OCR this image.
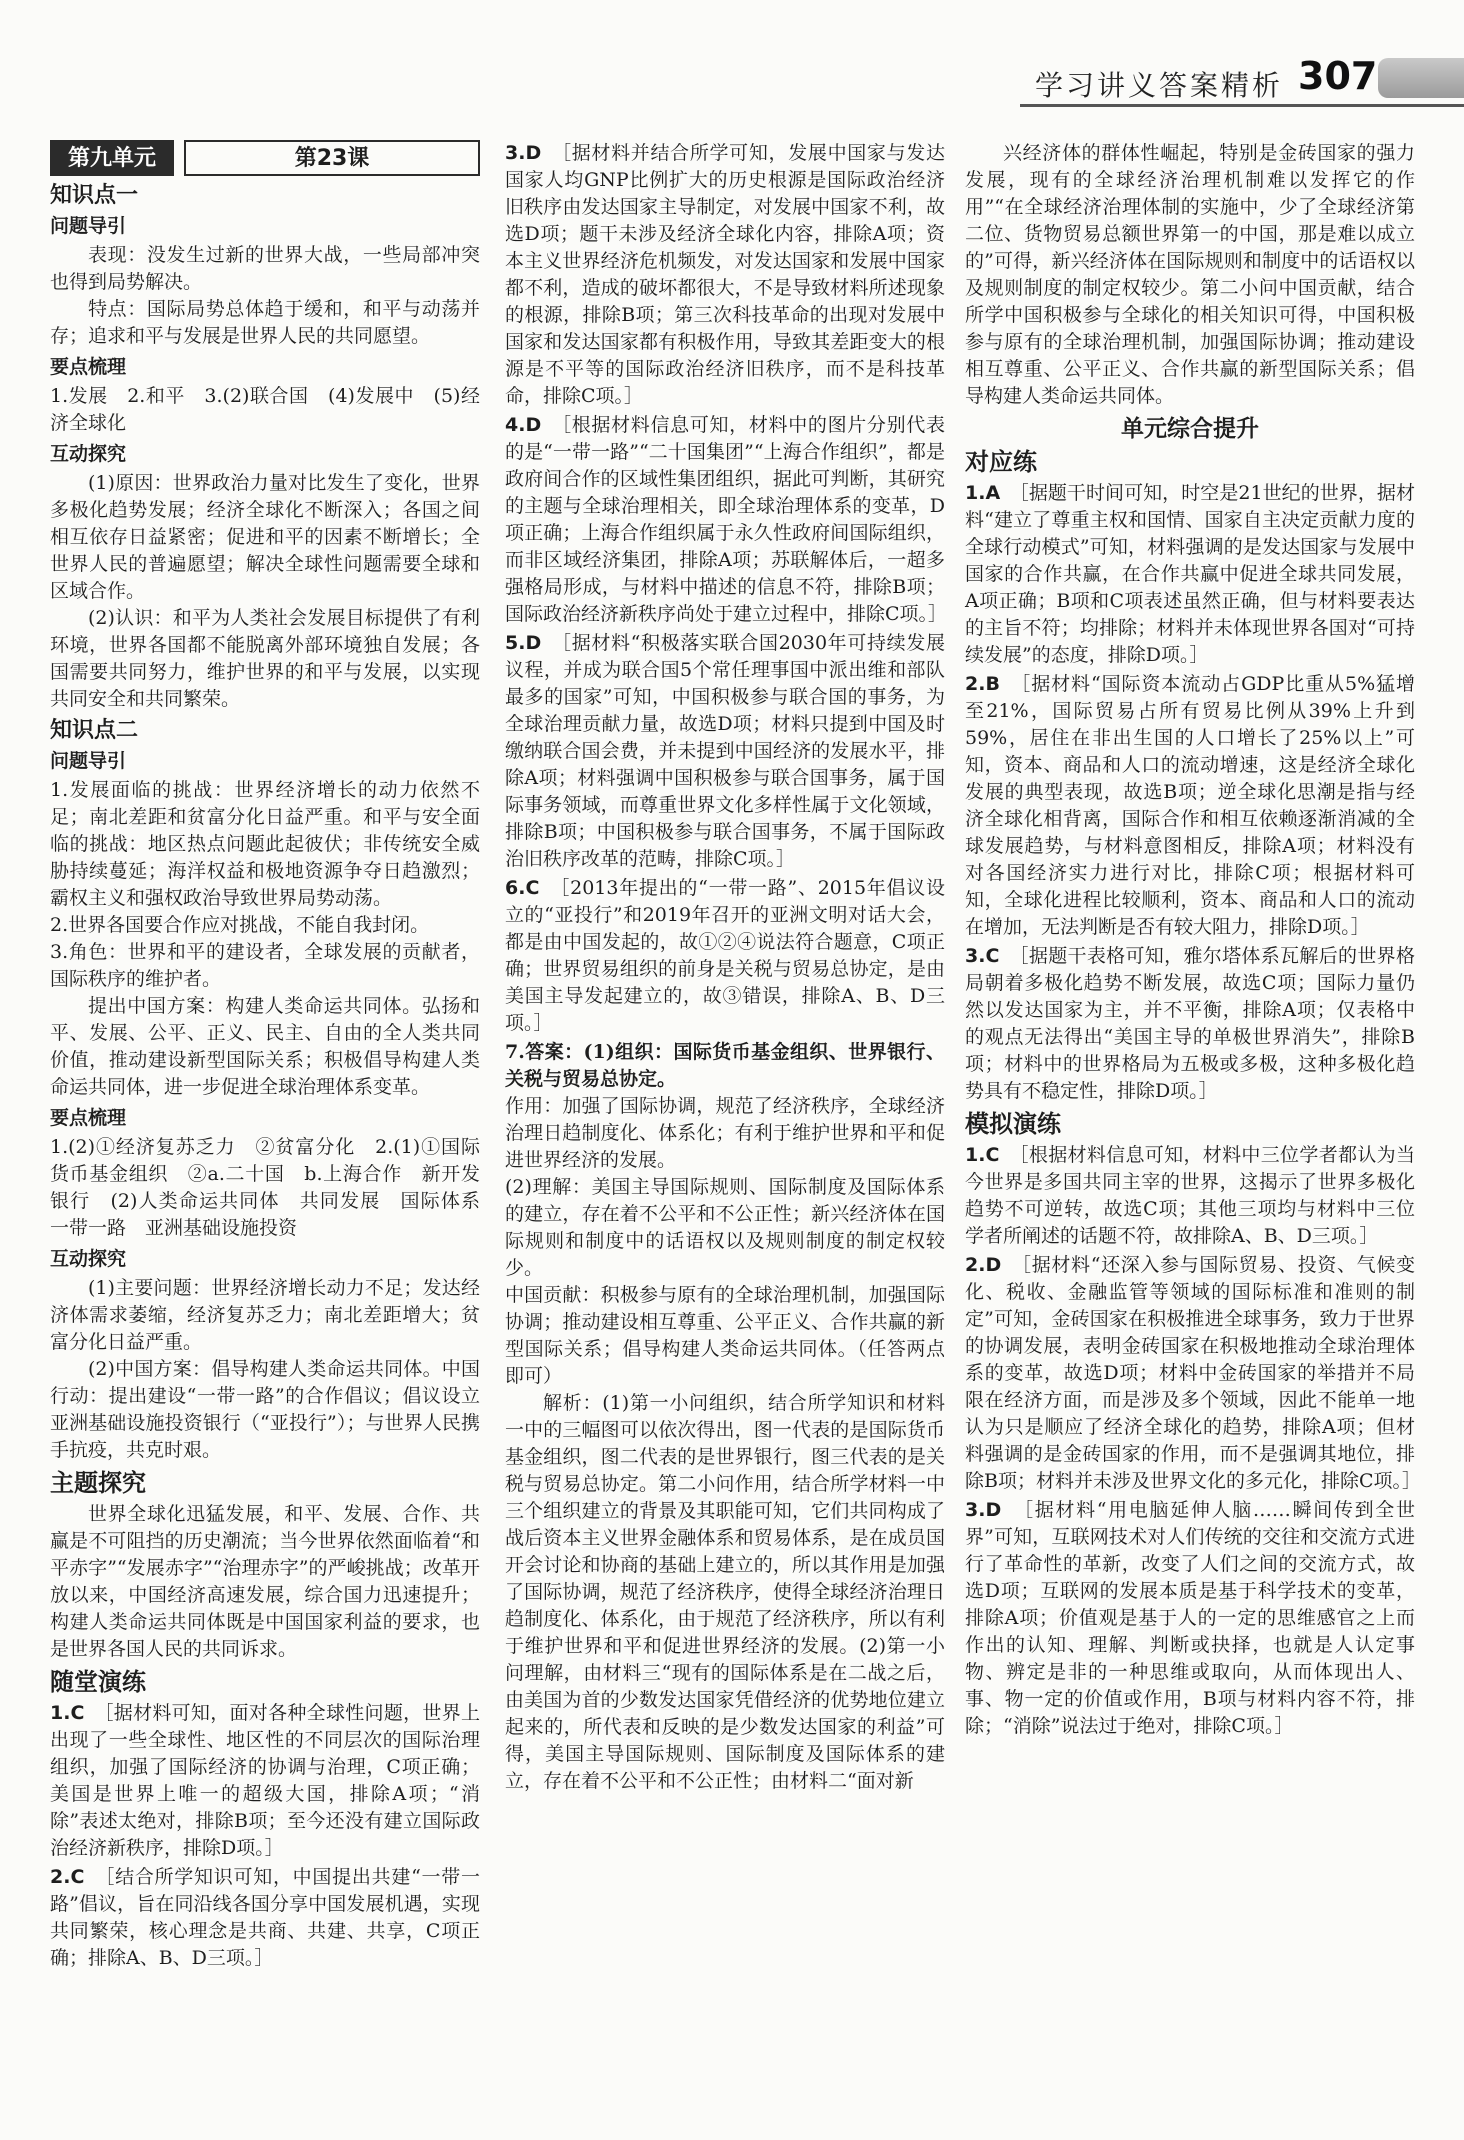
学习讲义答案精析 307
第九单元	第23课
知识点一
问题导引

表现：没发生过新的世界大战，一些局部冲突也得到局势解决。

特点：国际局势总体趋于缓和，和平与动荡并存；追求和平与发展是世界人民的共同愿望。

要点梳理

1.发展　2.和平　3.(2)联合国　(4)发展中　(5)经济全球化

互动探究

(1)原因：世界政治力量对比发生了变化，世界多极化趋势发展；经济全球化不断深入；各国之间相互依存日益紧密；促进和平的因素不断增长；全世界人民的普遍愿望；解决全球性问题需要全球和区域合作。

(2)认识：和平为人类社会发展目标提供了有利环境，世界各国都不能脱离外部环境独自发展；各国需要共同努力，维护世界的和平与发展，以实现共同安全和共同繁荣。

知识点二
问题导引

1.发展面临的挑战：世界经济增长的动力依然不足；南北差距和贫富分化日益严重。和平与安全面临的挑战：地区热点问题此起彼伏；非传统安全威胁持续蔓延；海洋权益和极地资源争夺日趋激烈；霸权主义和强权政治导致世界局势动荡。

2.世界各国要合作应对挑战，不能自我封闭。

3.角色：世界和平的建设者，全球发展的贡献者，国际秩序的维护者。

提出中国方案：构建人类命运共同体。弘扬和平、发展、公平、正义、民主、自由的全人类共同价值，推动建设新型国际关系；积极倡导构建人类命运共同体，进一步促进全球治理体系变革。

要点梳理

1.(2)①经济复苏乏力　②贫富分化　2.(1)①国际货币基金组织　②a.二十国　b.上海合作　新开发银行　(2)人类命运共同体　共同发展　国际体系　一带一路　亚洲基础设施投资

互动探究

(1)主要问题：世界经济增长动力不足；发达经济体需求萎缩，经济复苏乏力；南北差距增大；贫富分化日益严重。

(2)中国方案：倡导构建人类命运共同体。中国行动：提出建设“一带一路”的合作倡议；倡议设立亚洲基础设施投资银行（“亚投行”）；与世界人民携手抗疫，共克时艰。

主题探究

世界全球化迅猛发展，和平、发展、合作、共赢是不可阻挡的历史潮流；当今世界依然面临着“和平赤字”“发展赤字”“治理赤字”的严峻挑战；改革开放以来，中国经济高速发展，综合国力迅速提升；构建人类命运共同体既是中国国家利益的要求，也是世界各国人民的共同诉求。

随堂演练

1.C　 ［据材料可知，面对各种全球性问题，世界上出现了一些全球性、地区性的不同层次的国际治理组织，加强了国际经济的协调与治理，C项正确；美国是世界上唯一的超级大国，排除A项；“消除”表述太绝对，排除B项；至今还没有建立国际政治经济新秩序，排除D项。］

2.C　 ［结合所学知识可知，中国提出共建“一带一路”倡议，旨在同沿线各国分享中国发展机遇，实现共同繁荣，核心理念是共商、共建、共享，C项正确；排除A、B、D三项。］

3.D　 ［据材料并结合所学可知，发展中国家与发达国家人均GNP比例扩大的历史根源是国际政治经济旧秩序由发达国家主导制定，对发展中国家不利，故选D项；题干未涉及经济全球化内容，排除A项；资本主义世界经济危机频发，对发达国家和发展中国家都不利，造成的破坏都很大，不是导致材料所述现象的根源，排除B项；第三次科技革命的出现对发展中国家和发达国家都有积极作用，导致其差距变大的根源是不平等的国际政治经济旧秩序，而不是科技革命，排除C项。］

4.D　 ［根据材料信息可知，材料中的图片分别代表的是“一带一路”“二十国集团”“上海合作组织”，都是政府间合作的区域性集团组织，据此可判断，其研究的主题与全球治理相关，即全球治理体系的变革，D项正确；上海合作组织属于永久性政府间国际组织，而非区域经济集团，排除A项；苏联解体后，一超多强格局形成，与材料中描述的信息不符，排除B项；国际政治经济新秩序尚处于建立过程中，排除C项。］

5.D　 ［据材料“积极落实联合国2030年可持续发展议程，并成为联合国5个常任理事国中派出维和部队最多的国家”可知，中国积极参与联合国的事务，为全球治理贡献力量，故选D项；材料只提到中国及时缴纳联合国会费，并未提到中国经济的发展水平，排除A项；材料强调中国积极参与联合国事务，属于国际事务领域，而尊重世界文化多样性属于文化领域，排除B项；中国积极参与联合国事务，不属于国际政治旧秩序改革的范畴，排除C项。］

6.C　 ［2013年提出的“一带一路”、2015年倡议设立的“亚投行”和2019年召开的亚洲文明对话大会，都是由中国发起的，故①②④说法符合题意，C项正确；世界贸易组织的前身是关税与贸易总协定，是由美国主导发起建立的，故③错误，排除A、B、D三项。］

7.答案：(1)组织：国际货币基金组织、世界银行、关税与贸易总协定。

作用：加强了国际协调，规范了经济秩序，全球经济治理日趋制度化、体系化；有利于维护世界和平和促进世界经济的发展。

(2)理解：美国主导国际规则、国际制度及国际体系的建立，存在着不公平和不公正性；新兴经济体在国际规则和制度中的话语权以及规则制度的制定权较少。

中国贡献：积极参与原有的全球治理机制，加强国际协调；推动建设相互尊重、公平正义、合作共赢的新型国际关系；倡导构建人类命运共同体。（任答两点即可）

解析：(1)第一小问组织，结合所学知识和材料一中的三幅图可以依次得出，图一代表的是国际货币基金组织，图二代表的是世界银行，图三代表的是关税与贸易总协定。第二小问作用，结合所学材料一中三个组织建立的背景及其职能可知，它们共同构成了战后资本主义世界金融体系和贸易体系，是在成员国开会讨论和协商的基础上建立的，所以其作用是加强了国际协调，规范了经济秩序，使得全球经济治理日趋制度化、体系化，由于规范了经济秩序，所以有利于维护世界和平和促进世界经济的发展。(2)第一小问理解，由材料三“现有的国际体系是在二战之后，由美国为首的少数发达国家凭借经济的优势地位建立起来的，所代表和反映的是少数发达国家的利益”可得，美国主导国际规则、国际制度及国际体系的建立，存在着不公平和不公正性；由材料二“面对新

兴经济体的群体性崛起，特别是金砖国家的强力发展，现有的全球经济治理机制难以发挥它的作用”“在全球经济治理体制的实施中，少了全球经济第二位、货物贸易总额世界第一的中国，那是难以成立的”可得，新兴经济体在国际规则和制度中的话语权以及规则制度的制定权较少。第二小问中国贡献，结合所学中国积极参与全球化的相关知识可得，中国积极参与原有的全球治理机制，加强国际协调；推动建设相互尊重、公平正义、合作共赢的新型国际关系；倡导构建人类命运共同体。

单元综合提升
对应练

1.A　 ［据题干时间可知，时空是21世纪的世界，据材料“建立了尊重主权和国情、国家自主决定贡献力度的全球行动模式”可知，材料强调的是发达国家与发展中国家的合作共赢，在合作共赢中促进全球共同发展，A项正确；B项和C项表述虽然正确，但与材料要表达的主旨不符；均排除；材料并未体现世界各国对“可持续发展”的态度，排除D项。］

2.B　 ［据材料“国际资本流动占GDP比重从5%猛增至21%，国际贸易占所有贸易比例从39%上升到59%，居住在非出生国的人口增长了25%以上”可知，资本、商品和人口的流动增速，这是经济全球化发展的典型表现，故选B项；逆全球化思潮是指与经济全球化相背离，国际合作和相互依赖逐渐消减的全球发展趋势，与材料意图相反，排除A项；材料没有对各国经济实力进行对比，排除C项；根据材料可知，全球化进程比较顺利，资本、商品和人口的流动在增加，无法判断是否有较大阻力，排除D项。］

3.C　 ［据题干表格可知，雅尔塔体系瓦解后的世界格局朝着多极化趋势不断发展，故选C项；国际力量仍然以发达国家为主，并不平衡，排除A项；仅表格中的观点无法得出“美国主导的单极世界消失”，排除B项；材料中的世界格局为五极或多极，这种多极化趋势具有不稳定性，排除D项。］

模拟演练

1.C　 ［根据材料信息可知，材料中三位学者都认为当今世界是多国共同主宰的世界，这揭示了世界多极化趋势不可逆转，故选C项；其他三项均与材料中三位学者所阐述的话题不符，故排除A、B、D三项。］

2.D　 ［据材料“还深入参与国际贸易、投资、气候变化、税收、金融监管等领域的国际标准和准则的制定”可知，金砖国家在积极推进全球事务，致力于世界的协调发展，表明金砖国家在积极地推动全球治理体系的变革，故选D项；材料中金砖国家的举措并不局限在经济方面，而是涉及多个领域，因此不能单一地认为只是顺应了经济全球化的趋势，排除A项；但材料强调的是金砖国家的作用，而不是强调其地位，排除B项；材料并未涉及世界文化的多元化，排除C项。］

3.D　 ［据材料“用电脑延伸人脑……瞬间传到全世界”可知，互联网技术对人们传统的交往和交流方式进行了革命性的革新，改变了人们之间的交流方式，故选D项；互联网的发展本质是基于科学技术的变革，排除A项；价值观是基于人的一定的思维感官之上而作出的认知、理解、判断或抉择，也就是人认定事物、辨定是非的一种思维或取向，从而体现出人、事、物一定的价值或作用，B项与材料内容不符，排除；“消除”说法过于绝对，排除C项。］
